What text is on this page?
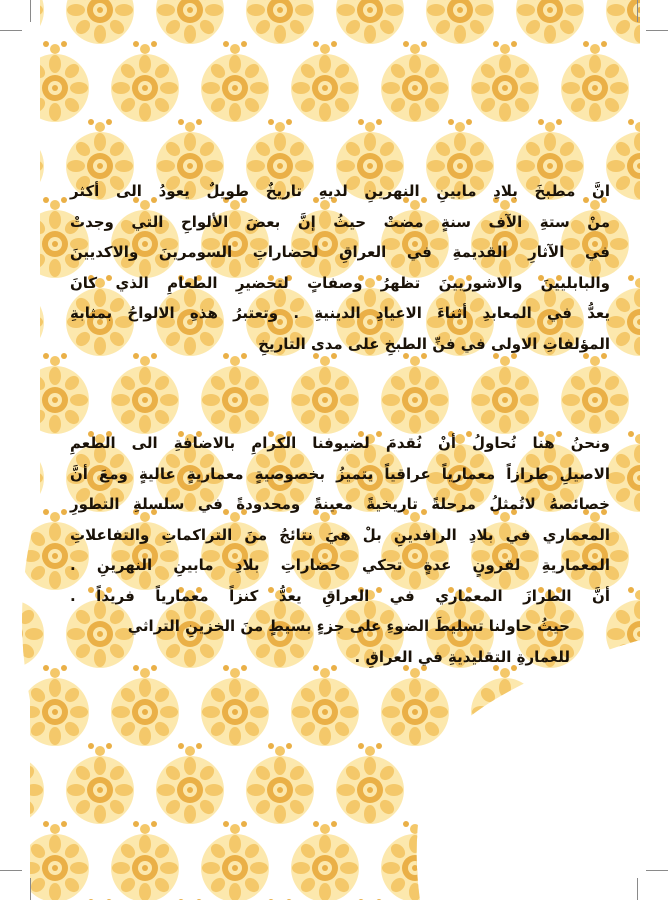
انَّ مطبخَ بلادِ مابينِ النهرينِ لديهِ تاريخٌ طويلٌ يعودُ الى أكثر

منْ ستةِ الآف سنةٍ مضتْ حيثُ إنَّ بعضَ الألواحِ التي وجدتْ

في الآثارِ القديمةِ في العراقِ لحضاراتِ السومرينَ والاكديينَ

والبابليينَ والاشوريينَ تظهرُ وصفاتٍ لتحضيرِ الطعامِ الذي كانَ

يعدُّ في المعابدِ أثناءَ الاعيادِ الدينيةِ . وتعتبرُ هذهِ الالواحُ بمثابةِ

المؤلفاتِ الاولى في فنِّ الطبخِ على مدى التاريخِ

ونحنُ هنا نُحاولُ أنْ نُقدمَ لضيوفنا الكرامِ بالاضافةِ الى الطعمِ

الاصيلِ طرازاً معمارياً عراقياً يتميزُ بخصوصيةٍ معماريةٍ عاليةٍ ومعَ أنَّ

خصائصهُ لاتُمثلُ مرحلةً تاريخيةً معينةً ومحدودةً في سلسلةِ التطورِ

المعماري في بلادِ الرافدينِ بلْ هيَ نتائجُ منَ التراكماتِ والتفاعلاتِ

المعماريةِ لقرونٍ عدةٍ تحكي حضاراتِ بلادِ مابينِ النهرينِ .

أنَّ الطرازَ المعماري في العراقِ يعدُّ كنزاً معمارياً فريداً .

حيثُ حاولنا تسليطَ الضوءِ على جزءٍ بسيطٍ منَ الخزينِ التراثي

للعمارةِ التقليديةِ في العراقِ .
